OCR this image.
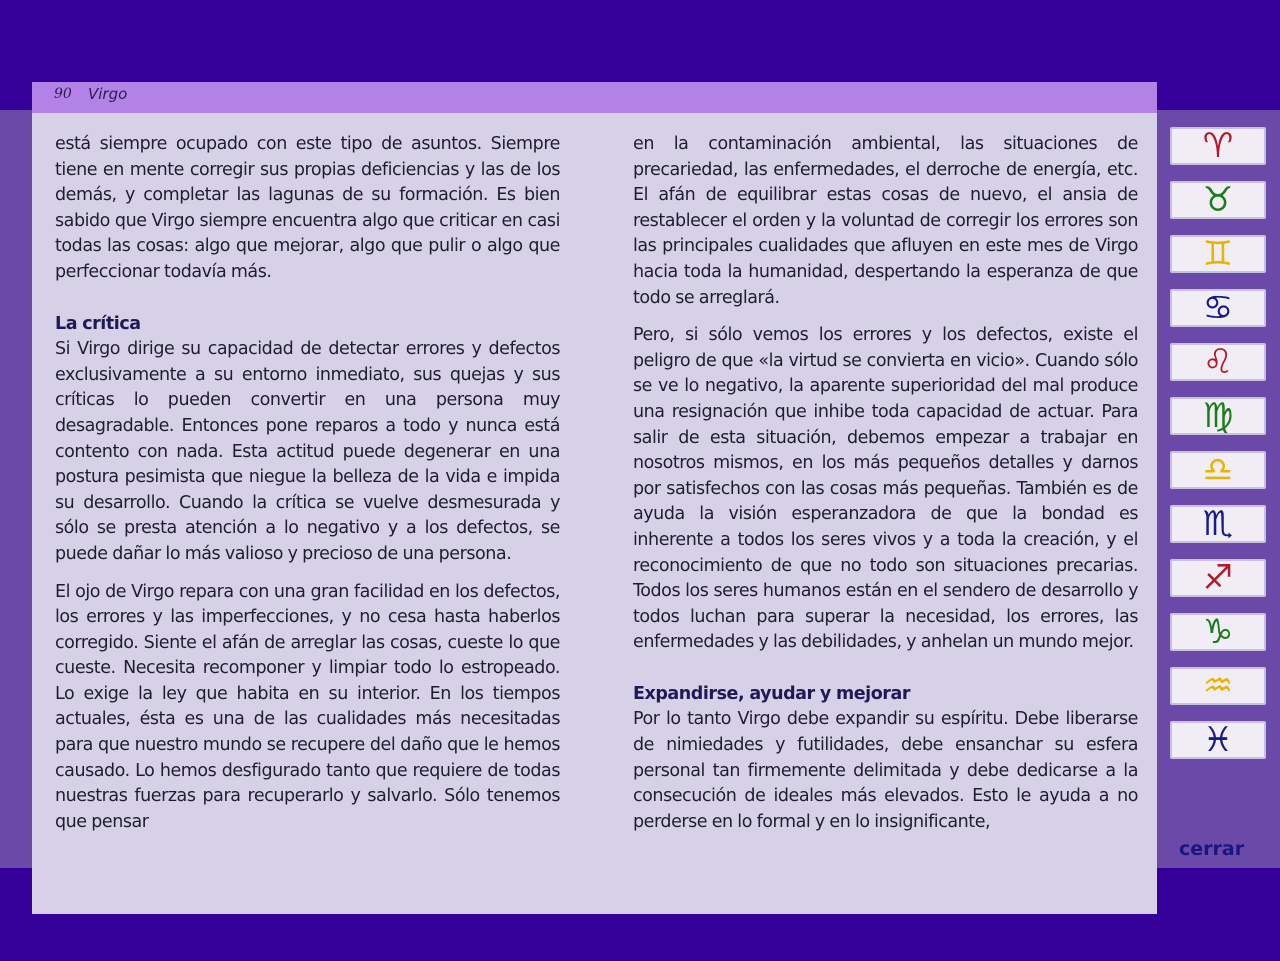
90 Virgo

está siempre ocupado con este tipo de asuntos. Siempre tiene en mente corregir sus propias deficiencias y las de los demás, y completar las lagunas de su formación. Es bien sabido que Virgo siempre encuentra algo que criticar en casi todas las cosas: algo que mejorar, algo que pulir o algo que perfeccionar todavía más.

La crítica

Si Virgo dirige su capacidad de detectar errores y defectos exclusivamente a su entorno inmediato, sus quejas y sus críticas lo pueden convertir en una persona muy desagradable. Entonces pone reparos a todo y nunca está contento con nada. Esta actitud puede degenerar en una postura pesimista que niegue la belleza de la vida e impida su desarrollo. Cuando la crítica se vuelve desmesurada y sólo se presta atención a lo negativo y a los defectos, se puede dañar lo más valioso y precioso de una persona.

El ojo de Virgo repara con una gran facilidad en los defectos, los errores y las imperfecciones, y no cesa hasta haberlos corregido. Siente el afán de arreglar las cosas, cueste lo que cueste. Necesita recomponer y limpiar todo lo estropeado. Lo exige la ley que habita en su interior. En los tiempos actuales, ésta es una de las cualidades más necesitadas para que nuestro mundo se recupere del daño que le hemos causado. Lo hemos desfigurado tanto que requiere de todas nuestras fuerzas para recuperarlo y salvarlo. Sólo tenemos que pensar

en la contaminación ambiental, las situaciones de precariedad, las enfermedades, el derroche de energía, etc. El afán de equilibrar estas cosas de nuevo, el ansia de restablecer el orden y la voluntad de corregir los errores son las principales cualidades que afluyen en este mes de Virgo hacia toda la humanidad, despertando la esperanza de que todo se arreglará.

Pero, si sólo vemos los errores y los defectos, existe el peligro de que «la virtud se convierta en vicio». Cuando sólo se ve lo negativo, la aparente superioridad del mal produce una resignación que inhibe toda capacidad de actuar. Para salir de esta situación, debemos empezar a trabajar en nosotros mismos, en los más pequeños detalles y darnos por satisfechos con las cosas más pequeñas. También es de ayuda la visión esperanzadora de que la bondad es inherente a todos los seres vivos y a toda la creación, y el reconocimiento de que no todo son situaciones precarias. Todos los seres humanos están en el sendero de desarrollo y todos luchan para superar la necesidad, los errores, las enfermedades y las debilidades, y anhelan un mundo mejor.

Expandirse, ayudar y mejorar

Por lo tanto Virgo debe expandir su espíritu. Debe liberarse de nimiedades y futilidades, debe ensanchar su esfera personal tan firmemente delimitada y debe dedicarse a la consecución de ideales más elevados. Esto le ayuda a no perderse en lo formal y en lo insignificante,

♈
♉
♊
♋
♌
♍
♎
♏
♐
♑
♒
♓
cerrar
